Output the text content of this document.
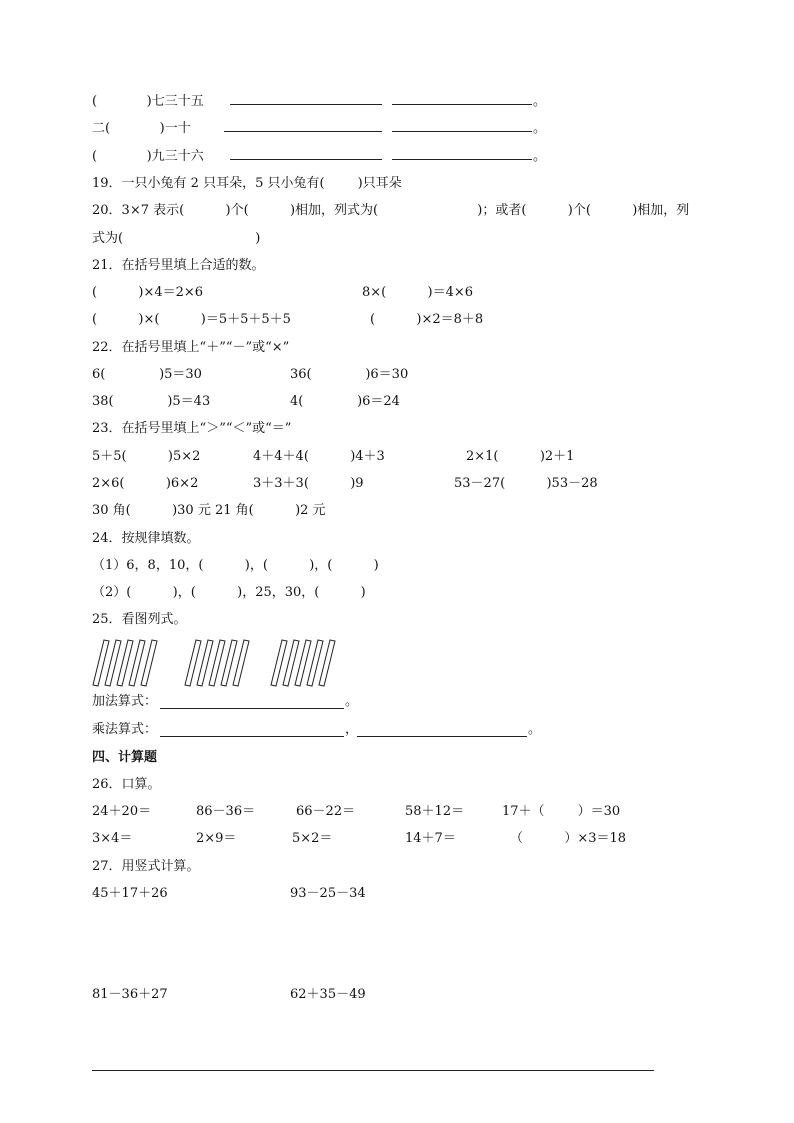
(            )七三十五	。
二(            )一十	。
(            )九三十六	。
19．一只小兔有 2 只耳朵，5 只小兔有(        )只耳朵
20．3×7 表示(          )个(          )相加，列式为(                        )；或者(          )个(          )相加，列
式为(                                )
21．在括号里填上合适的数。
(          )×4＝2×6	8×(          )＝4×6
(          )×(          )＝5＋5＋5＋5	(          )×2＝8＋8
22．在括号里填上“＋”“－”或“×”
6(             )5＝30	36(             )6＝30
38(             )5＝43	4(             )6＝24
23．在括号里填上“＞”“＜”或“＝”
5＋5(          )5×2	4＋4＋4(          )4＋3	2×1(          )2＋1
2×6(          )6×2	3＋3＋3(          )9	53－27(          )53－28
30 角(          )30 元 21 角(          )2 元
24．按规律填数。
（1）6，8，10，(          )，(          )，(          )
（2）(          )，(          )，25，30，(          )
25．看图列式。
加法算式：	。
乘法算式：	，	。
四、计算题
26．口算。
24＋20＝	86－36＝	66－22＝	58＋12＝	17＋（        ）＝30
3×4＝	2×9＝	5×2＝	14＋7＝	（          ）×3＝18
27．用竖式计算。
45＋17＋26	93－25－34
81－36＋27	62＋35－49
